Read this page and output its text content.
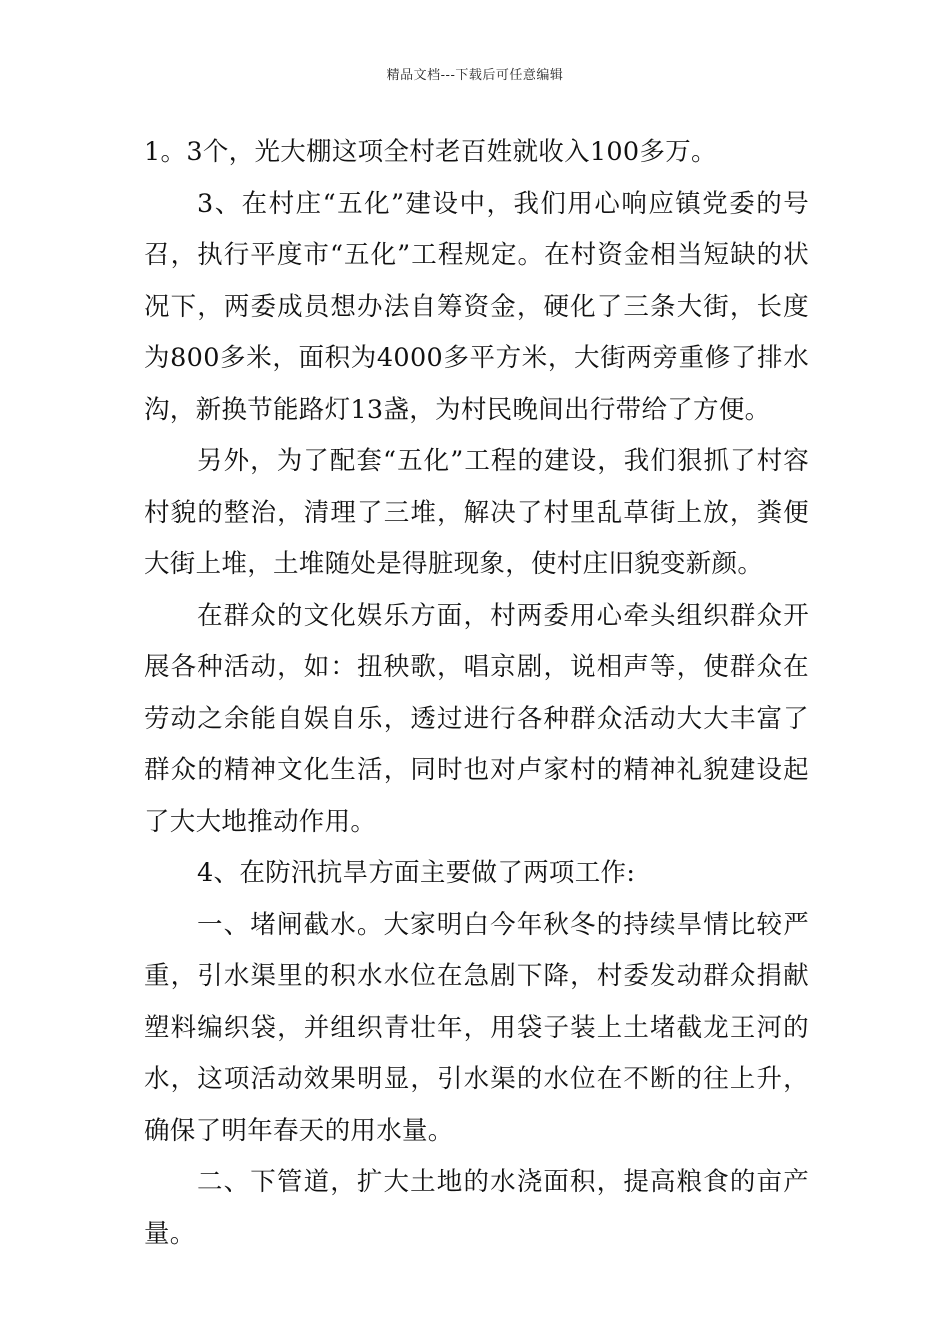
精品文档---下载后可任意编辑

1。3个，光大棚这项全村老百姓就收入100多万。

3、在村庄“五化”建设中，我们用心响应镇党委的号召，执行平度市“五化”工程规定。在村资金相当短缺的状况下，两委成员想办法自筹资金，硬化了三条大街，长度为800多米，面积为4000多平方米，大街两旁重修了排水沟，新换节能路灯13盏，为村民晚间出行带给了方便。

另外，为了配套“五化”工程的建设，我们狠抓了村容村貌的整治，清理了三堆，解决了村里乱草街上放，粪便大街上堆，土堆随处是得脏现象，使村庄旧貌变新颜。

在群众的文化娱乐方面，村两委用心牵头组织群众开展各种活动，如：扭秧歌，唱京剧，说相声等，使群众在劳动之余能自娱自乐，透过进行各种群众活动大大丰富了群众的精神文化生活，同时也对卢家村的精神礼貌建设起了大大地推动作用。

4、在防汛抗旱方面主要做了两项工作:

一、堵闸截水。大家明白今年秋冬的持续旱情比较严重，引水渠里的积水水位在急剧下降，村委发动群众捐献塑料编织袋，并组织青壮年，用袋子装上土堵截龙王河的水，这项活动效果明显，引水渠的水位在不断的往上升，确保了明年春天的用水量。

二、下管道，扩大土地的水浇面积，提高粮食的亩产量。
